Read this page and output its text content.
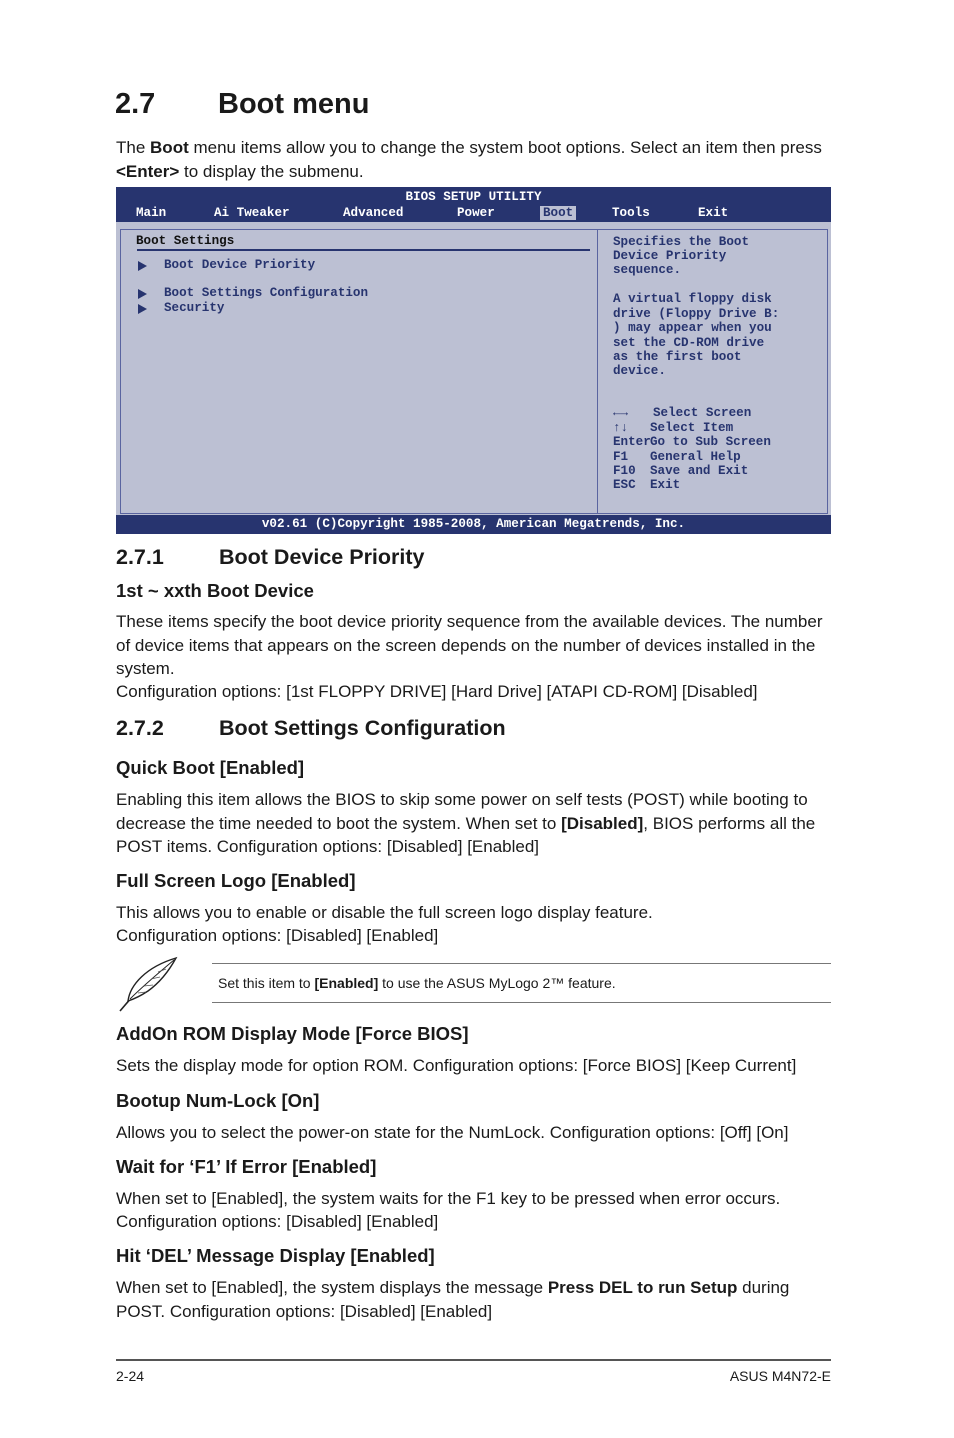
2.7 Boot menu

The Boot menu items allow you to change the system boot options. Select an item then press <Enter> to display the submenu.

BIOS SETUP UTILITY
Main	Ai Tweaker	Advanced	Power	Boot	Tools	Exit
Boot Settings
Boot Device Priority
Boot Settings Configuration
Security
Specifies the Boot
Device Priority
sequence.
A virtual floppy disk
drive (Floppy Drive B:
) may appear when you
set the CD-ROM drive
as the first boot
device.
←→ Select Screen
↑↓ Select Item
Enter Go to Sub Screen
F1 General Help
F10 Save and Exit
ESC Exit
v02.61 (C)Copyright 1985-2008, American Megatrends, Inc.
2.7.1	Boot Device Priority
1st ~ xxth Boot Device

These items specify the boot device priority sequence from the available devices. The number of device items that appears on the screen depends on the number of devices installed in the system.

Configuration options: [1st FLOPPY DRIVE] [Hard Drive] [ATAPI CD-ROM] [Disabled]

2.7.2	Boot Settings Configuration
Quick Boot [Enabled]

Enabling this item allows the BIOS to skip some power on self tests (POST) while booting to decrease the time needed to boot the system. When set to [Disabled], BIOS performs all the POST items. Configuration options: [Disabled] [Enabled]

Full Screen Logo [Enabled]

This allows you to enable or disable the full screen logo display feature.

Configuration options: [Disabled] [Enabled]

Set this item to [Enabled] to use the ASUS MyLogo 2™ feature.
AddOn ROM Display Mode [Force BIOS]

Sets the display mode for option ROM. Configuration options: [Force BIOS] [Keep Current]

Bootup Num-Lock [On]

Allows you to select the power-on state for the NumLock. Configuration options: [Off] [On]

Wait for ‘F1’ If Error [Enabled]

When set to [Enabled], the system waits for the F1 key to be pressed when error occurs.

Configuration options: [Disabled] [Enabled]

Hit ‘DEL’ Message Display [Enabled]

When set to [Enabled], the system displays the message Press DEL to run Setup during POST. Configuration options: [Disabled] [Enabled]

2-24	ASUS M4N72-E
